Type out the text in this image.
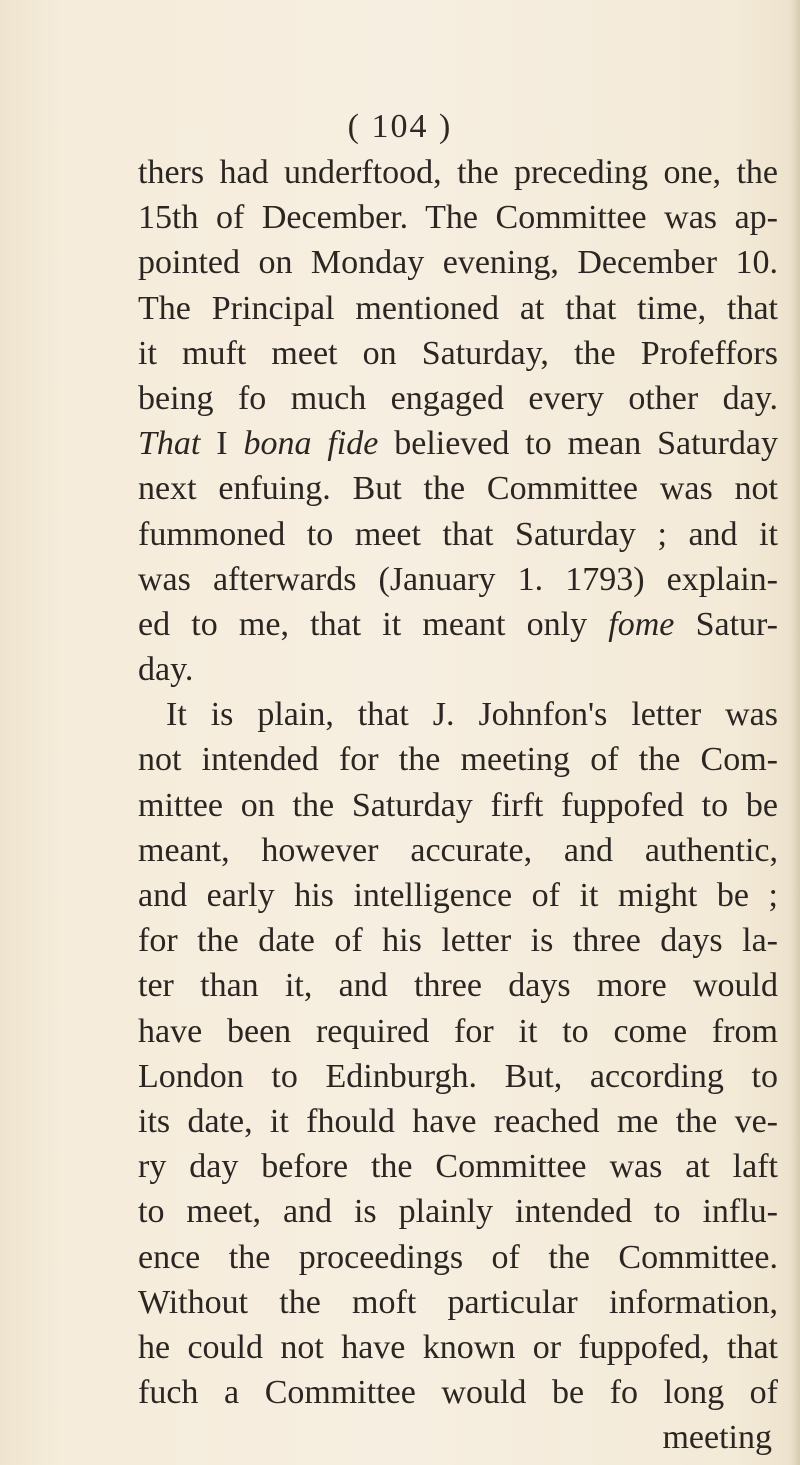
( 104 )
thers had underftood, the preceding one, the
15th of December. The Committee was ap-
pointed on Monday evening, December 10.
The Principal mentioned at that time, that
it muft meet on Saturday, the Profeffors
being fo much engaged every other day.
That I bona fide believed to mean Saturday
next enfuing. But the Committee was not
fummoned to meet that Saturday ; and it
was afterwards (January 1. 1793) explain-
ed to me, that it meant only fome Satur-
day.
It is plain, that J. Johnfon's letter was
not intended for the meeting of the Com-
mittee on the Saturday firft fuppofed to be
meant, however accurate, and authentic,
and early his intelligence of it might be ;
for the date of his letter is three days la-
ter than it, and three days more would
have been required for it to come from
London to Edinburgh. But, according to
its date, it fhould have reached me the ve-
ry day before the Committee was at laft
to meet, and is plainly intended to influ-
ence the proceedings of the Committee.
Without the moft particular information,
he could not have known or fuppofed, that
fuch a Committee would be fo long of
meeting
